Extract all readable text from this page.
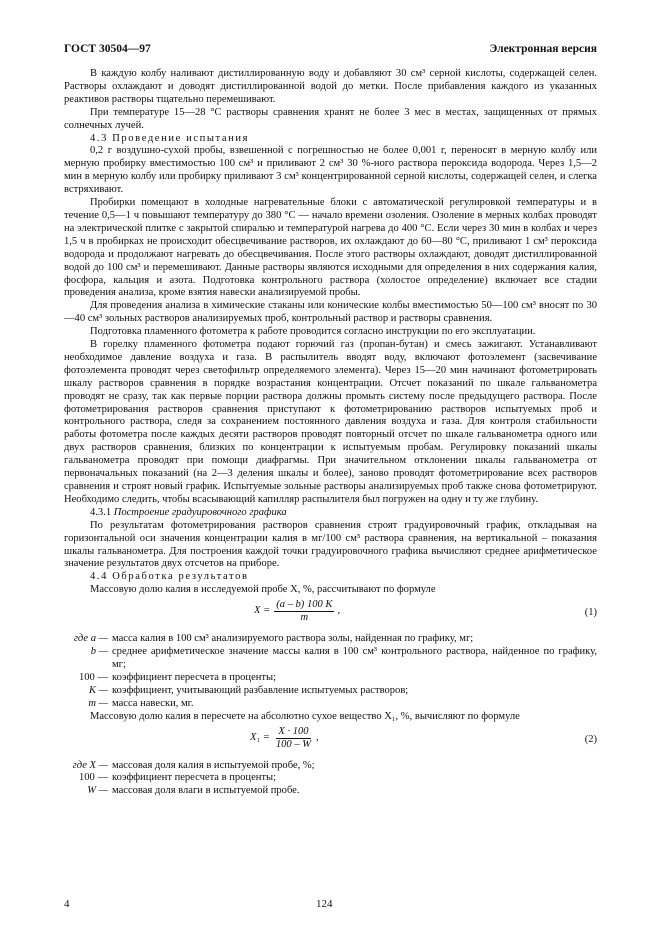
ГОСТ 30504—97	Электронная версия

В каждую колбу наливают дистиллированную воду и добавляют 30 см³ серной кислоты, содержащей селен. Растворы охлаждают и доводят дистиллированной водой до метки. После прибавления каждого из указанных реактивов растворы тщательно перемешивают.

При температуре 15—28 °С растворы сравнения хранят не более 3 мес в местах, защищенных от прямых солнечных лучей.

4.3 Проведение испытания

0,2 г воздушно-сухой пробы, взвешенной с погрешностью не более 0,001 г, переносят в мерную колбу или мерную пробирку вместимостью 100 см³ и приливают 2 см³ 30 %-ного раствора пероксида водорода. Через 1,5—2 мин в мерную колбу или пробирку приливают 3 см³ концентрированной серной кислоты, содержащей селен, и слегка встряхивают.

Пробирки помещают в холодные нагревательные блоки с автоматической регулировкой температуры и в течение 0,5—1 ч повышают температуру до 380 °С — начало времени озоления. Озоление в мерных колбах проводят на электрической плитке с закрытой спиралью и температурой нагрева до 400 °С. Если через 30 мин в колбах и через 1,5 ч в пробирках не происходит обесцвечивание растворов, их охлаждают до 60—80 °С, приливают 1 см³ пероксида водорода и продолжают нагревать до обесцвечивания. После этого растворы охлаждают, доводят дистиллированной водой до 100 см³ и перемешивают. Данные растворы являются исходными для определения в них содержания калия, фосфора, кальция и азота. Подготовка контрольного раствора (холостое определение) включает все стадии проведения анализа, кроме взятия навески анализируемой пробы.

Для проведения анализа в химические стаканы или конические колбы вместимостью 50—100 см³ вносят по 30—40 см³ зольных растворов анализируемых проб, контрольный раствор и растворы сравнения.

Подготовка пламенного фотометра к работе проводится согласно инструкции по его эксплуатации.

В горелку пламенного фотометра подают горючий газ (пропан-бутан) и смесь зажигают. Устанавливают необходимое давление воздуха и газа. В распылитель вводят воду, включают фотоэлемент (засвечивание фотоэлемента проводят через светофильтр определяемого элемента). Через 15—20 мин начинают фотометрировать шкалу растворов сравнения в порядке возрастания концентрации. Отсчет показаний по шкале гальванометра проводят не сразу, так как первые порции раствора должны промыть систему после предыдущего раствора. После фотометрирования растворов сравнения приступают к фотометрированию растворов испытуемых проб и контрольного раствора, следя за сохранением постоянного давления воздуха и газа. Для контроля стабильности работы фотометра после каждых десяти растворов проводят повторный отсчет по шкале гальванометра одного или двух растворов сравнения, близких по концентрации к испытуемым пробам. Регулировку показаний шкалы гальванометра проводят при помощи диафрагмы. При значительном отклонении шкалы гальванометра от первоначальных показаний (на 2—3 деления шкалы и более), заново проводят фотометрирование всех растворов сравнения и строят новый график. Испытуемые зольные растворы анализируемых проб также снова фотометрируют. Необходимо следить, чтобы всасывающий капилляр распылителя был погружен на одну и ту же глубину.

4.3.1 Построение градуировочного графика

По результатам фотометрирования растворов сравнения строят градуировочный график, откладывая на горизонтальной оси значения концентрации калия в мг/100 см³ раствора сравнения, на вертикальной – показания шкалы гальванометра. Для построения каждой точки градуировочного графика вычисляют среднее арифметическое значение результатов двух отсчетов на приборе.

4.4 Обработка результатов

Массовую долю калия в исследуемой пробе X, %, рассчитывают по формуле

$X = \frac{(a - b) 100 K}{m}$ ,	(1)
где a — масса калия в 100 см³ анализируемого раствора золы, найденная по графику, мг;
b — среднее арифметическое значение массы калия в 100 см³ контрольного раствора, найденное по графику, мг;
100 — коэффициент пересчета в проценты;
K — коэффициент, учитывающий разбавление испытуемых растворов;
m — масса навески, мг.

Массовую долю калия в пересчете на абсолютно сухое вещество X₁, %, вычисляют по формуле

$X_1 = \frac{X \cdot 100}{100 - W}$ ,	(2)
где X — массовая доля калия в испытуемой пробе, %;
100 — коэффициент пересчета в проценты;
W — массовая доля влаги в испытуемой пробе.
4	124
